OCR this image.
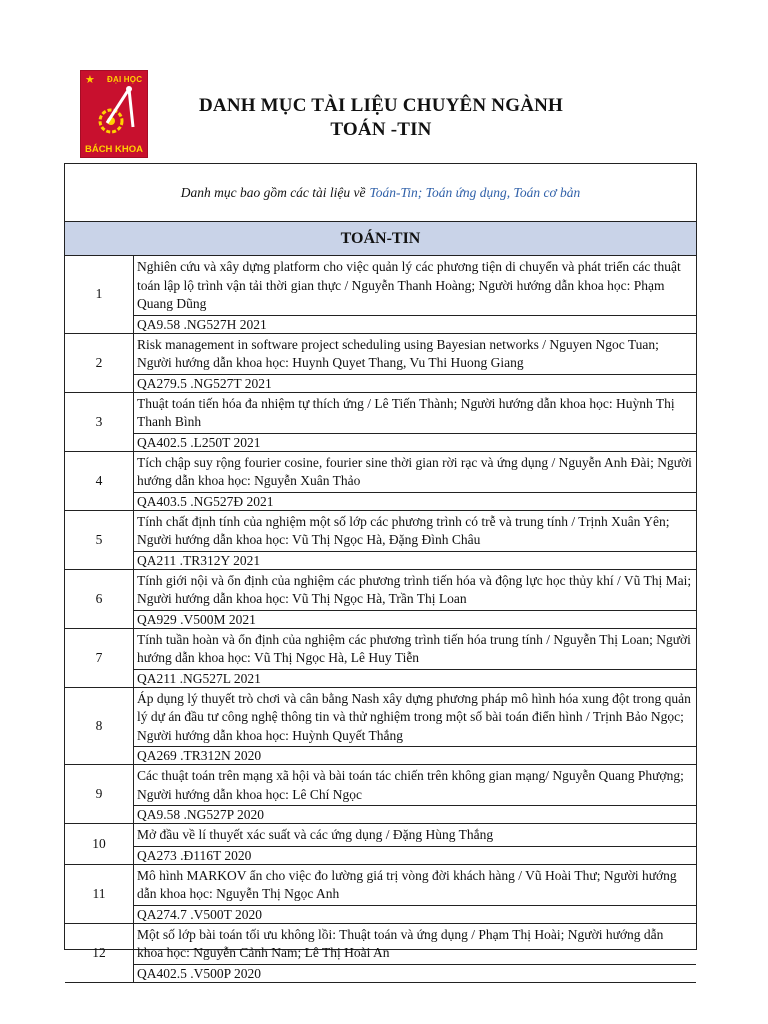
★ ĐẠI HỌC
BÁCH KHOA
DANH MỤC TÀI LIỆU CHUYÊN NGÀNH
TOÁN -TIN
Danh mục bao gồm các tài liệu về Toán-Tin; Toán ứng dụng, Toán cơ bản
TOÁN-TIN
1
Nghiên cứu và xây dựng platform cho việc quản lý các phương tiện di chuyển và phát triển các thuật toán lập lộ trình vận tải thời gian thực / Nguyễn Thanh Hoàng; Người hướng dẫn khoa học: Phạm Quang Dũng
QA9.58 .NG527H 2021
2
Risk management in software project scheduling using Bayesian networks / Nguyen Ngoc Tuan; Người hướng dẫn khoa học: Huynh Quyet Thang, Vu Thi Huong Giang
QA279.5 .NG527T 2021
3
Thuật toán tiến hóa đa nhiệm tự thích ứng / Lê Tiến Thành; Người hướng dẫn khoa học: Huỳnh Thị Thanh Bình
QA402.5 .L250T 2021
4
Tích chập suy rộng fourier cosine, fourier sine thời gian rời rạc và ứng dụng / Nguyễn Anh Đài; Người hướng dẫn khoa học: Nguyễn Xuân Thảo
QA403.5 .NG527Đ 2021
5
Tính chất định tính của nghiệm một số lớp các phương trình có trễ và trung tính / Trịnh Xuân Yên; Người hướng dẫn khoa học: Vũ Thị Ngọc Hà, Đặng Đình Châu
QA211 .TR312Y 2021
6
Tính giới nội và ổn định của nghiệm các phương trình tiến hóa và động lực học thủy khí / Vũ Thị Mai; Người hướng dẫn khoa học: Vũ Thị Ngọc Hà, Trần Thị Loan
QA929 .V500M 2021
7
Tính tuần hoàn và ổn định của nghiệm các phương trình tiến hóa trung tính / Nguyễn Thị Loan; Người hướng dẫn khoa học: Vũ Thị Ngọc Hà, Lê Huy Tiễn
QA211 .NG527L 2021
8
Áp dụng lý thuyết trò chơi và cân bằng Nash xây dựng phương pháp mô hình hóa xung đột trong quản lý dự án đầu tư công nghệ thông tin và thử nghiệm trong một số bài toán điển hình / Trịnh Bảo Ngọc; Người hướng dẫn khoa học: Huỳnh Quyết Thắng
QA269 .TR312N 2020
9
Các thuật toán trên mạng xã hội và bài toán tác chiến trên không gian mạng/ Nguyễn Quang Phượng; Người hướng dẫn khoa học: Lê Chí Ngọc
QA9.58 .NG527P 2020
10
Mở đầu về lí thuyết xác suất và các ứng dụng / Đặng Hùng Thắng
QA273 .Đ116T 2020
11
Mô hình MARKOV ẩn cho việc đo lường giá trị vòng đời khách hàng / Vũ Hoài Thư; Người hướng dẫn khoa học: Nguyễn Thị Ngọc Anh
QA274.7 .V500T 2020
12
Một số lớp bài toán tối ưu không lồi: Thuật toán và ứng dụng / Phạm Thị Hoài; Người hướng dẫn khoa học: Nguyễn Cảnh Nam; Lê Thị Hoài An
QA402.5 .V500P 2020
